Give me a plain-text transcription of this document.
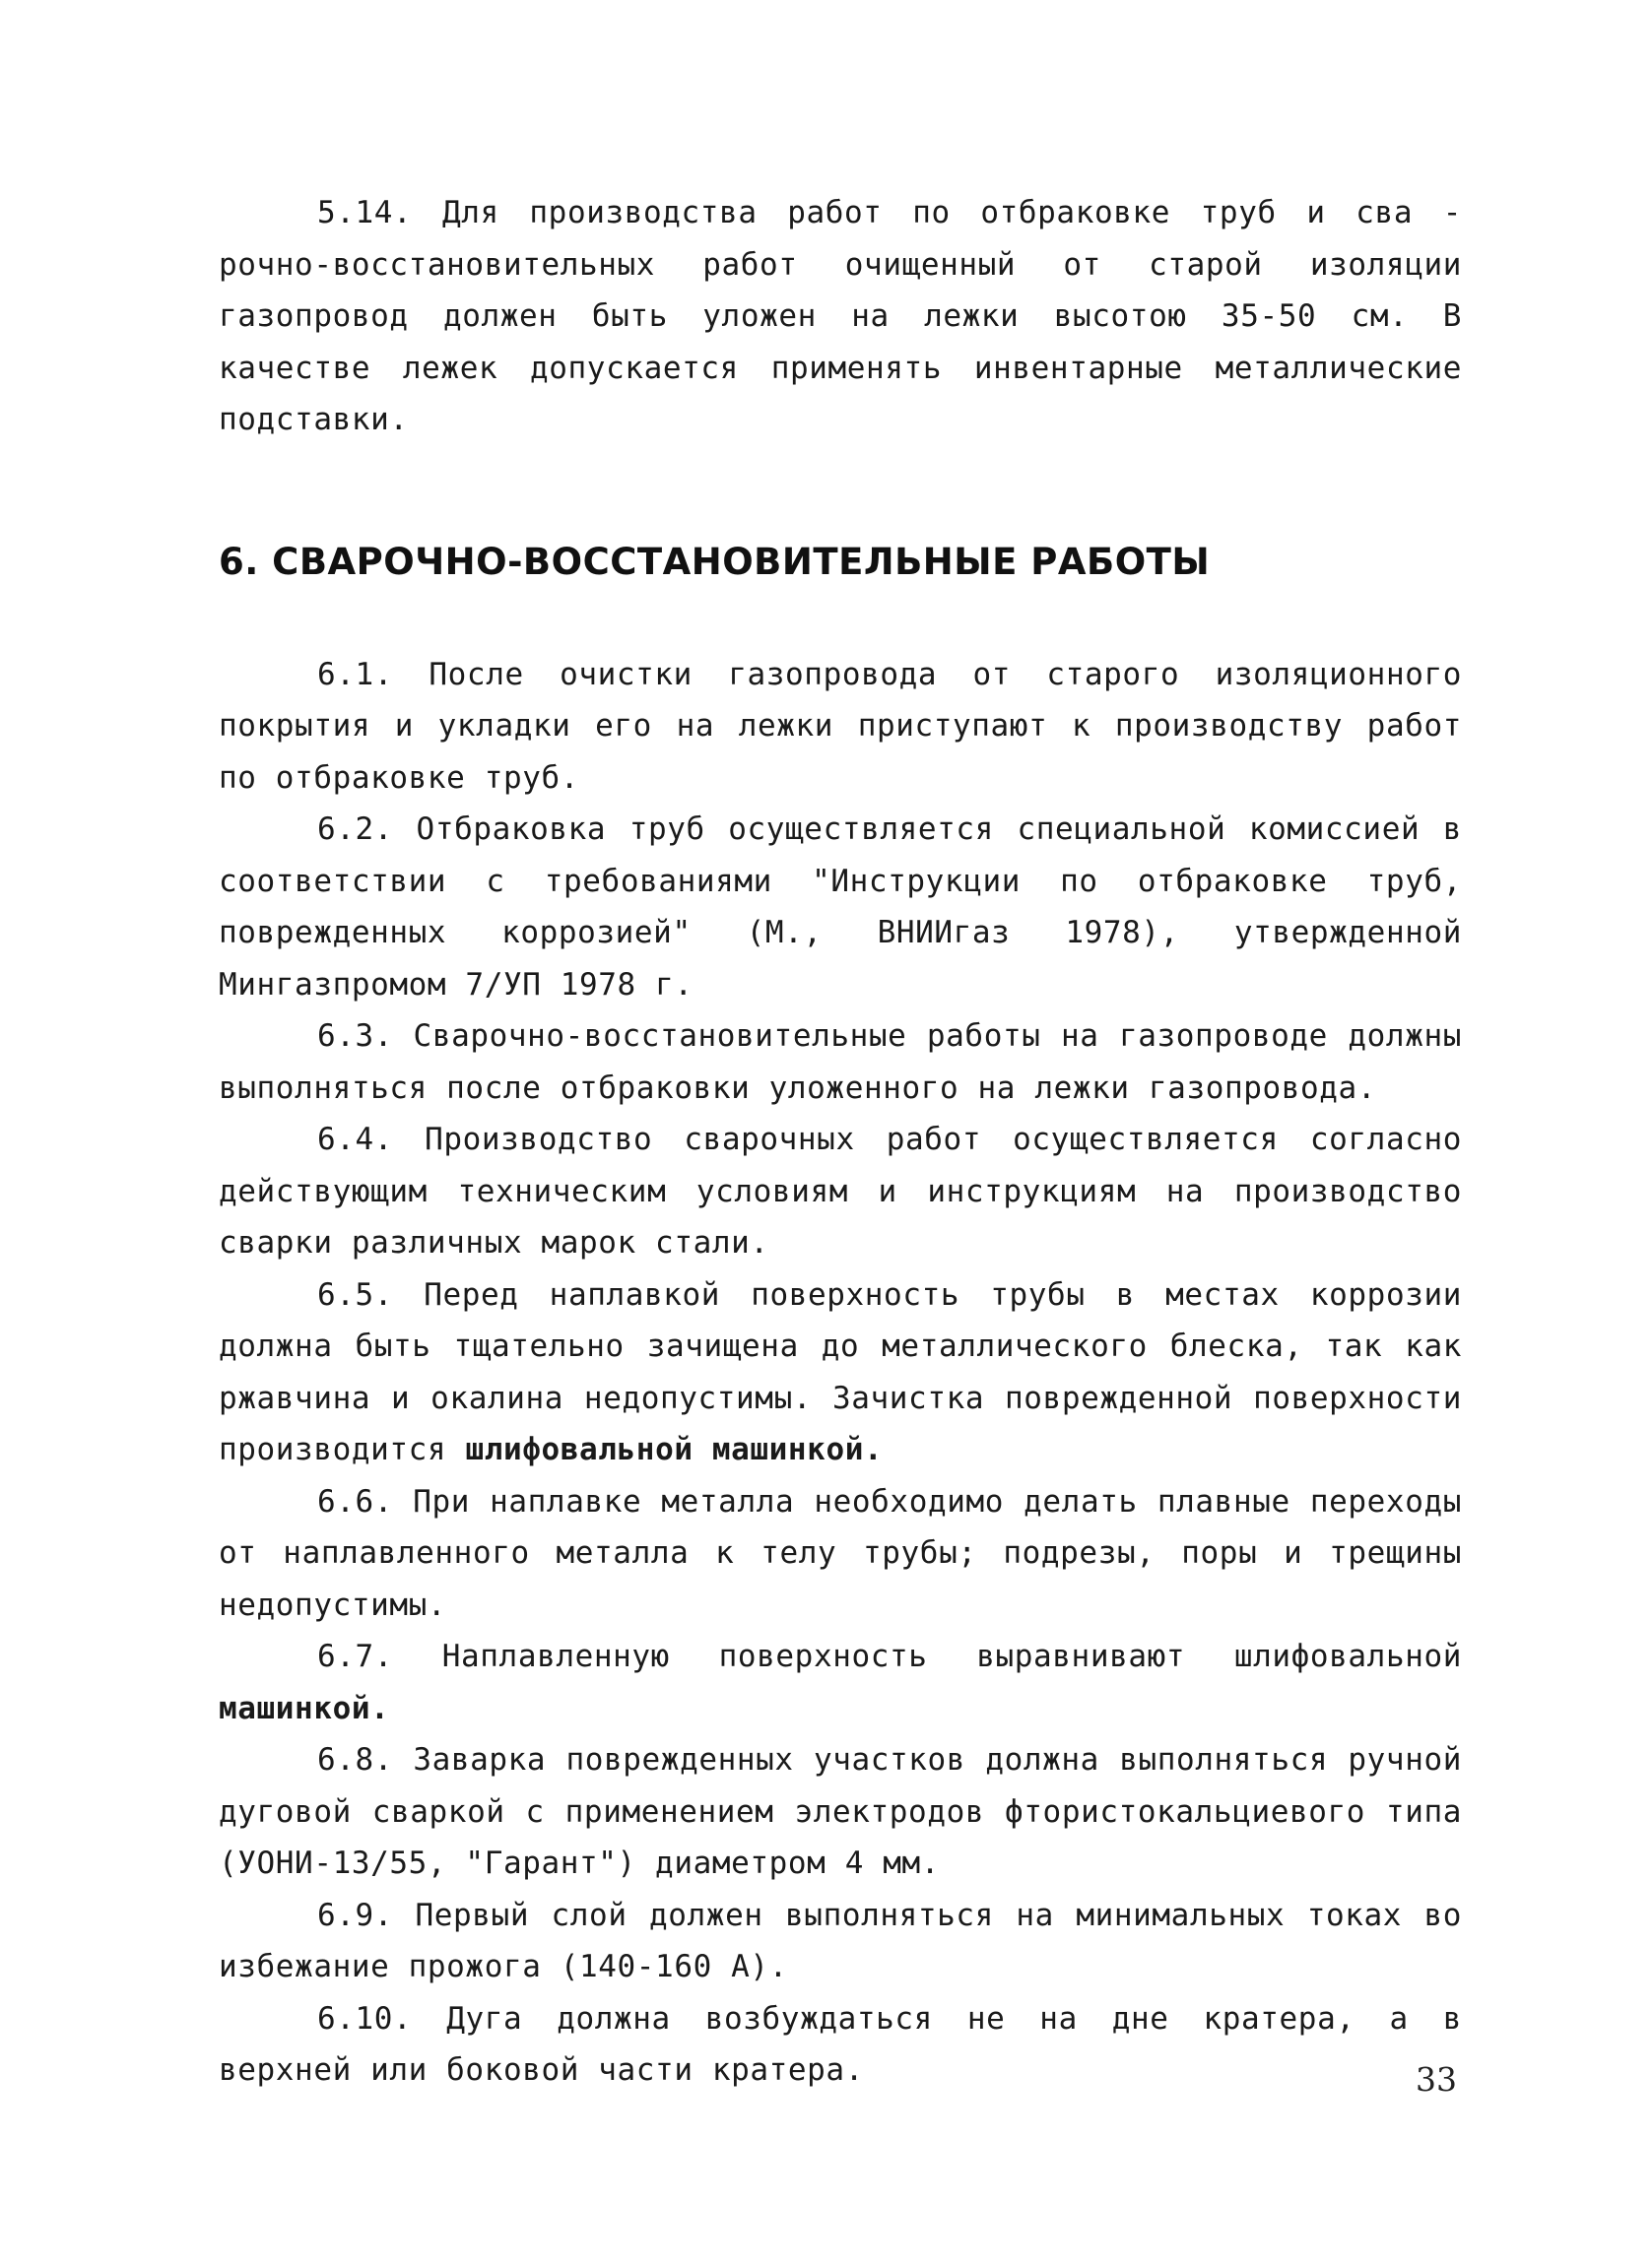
5.14. Для производства работ по отбраковке труб и сва - рочно-восстановительных работ очищенный от старой изоляции газопровод должен быть уложен на лежки высотою 35-50 см. В качестве лежек допускается применять инвентарные металлические подставки.

6. СВАРОЧНО-ВОССТАНОВИТЕЛЬНЫЕ РАБОТЫ

6.1. После очистки газопровода от старого изоляционного покрытия и укладки его на лежки приступают к производству работ по отбраковке труб.

6.2. Отбраковка труб осуществляется специальной комиссией в соответствии с требованиями "Инструкции по отбраковке труб, поврежденных коррозией" (М., ВНИИгаз 1978), утвержденной Мингазпромом 7/УП 1978 г.

6.3. Сварочно-восстановительные работы на газопроводе должны выполняться после отбраковки уложенного на лежки газопровода.

6.4. Производство сварочных работ осуществляется согласно действующим техническим условиям и инструкциям на производство сварки различных марок стали.

6.5. Перед наплавкой поверхность трубы в местах коррозии должна быть тщательно зачищена до металлического блеска, так как ржавчина и окалина недопустимы. Зачистка поврежденной поверхности производится шлифовальной машинкой.

6.6. При наплавке металла необходимо делать плавные переходы от наплавленного металла к телу трубы; подрезы, поры и трещины недопустимы.

6.7. Наплавленную поверхность выравнивают шлифовальной машинкой.

6.8. Заварка поврежденных участков должна выполняться ручной дуговой сваркой с применением электродов фтористокальциевого типа (УОНИ-13/55, "Гарант") диаметром 4 мм.

6.9. Первый слой должен выполняться на минимальных токах во избежание прожога (140-160 А).

6.10. Дуга должна возбуждаться не на дне кратера, а в верхней или боковой части кратера.	33
